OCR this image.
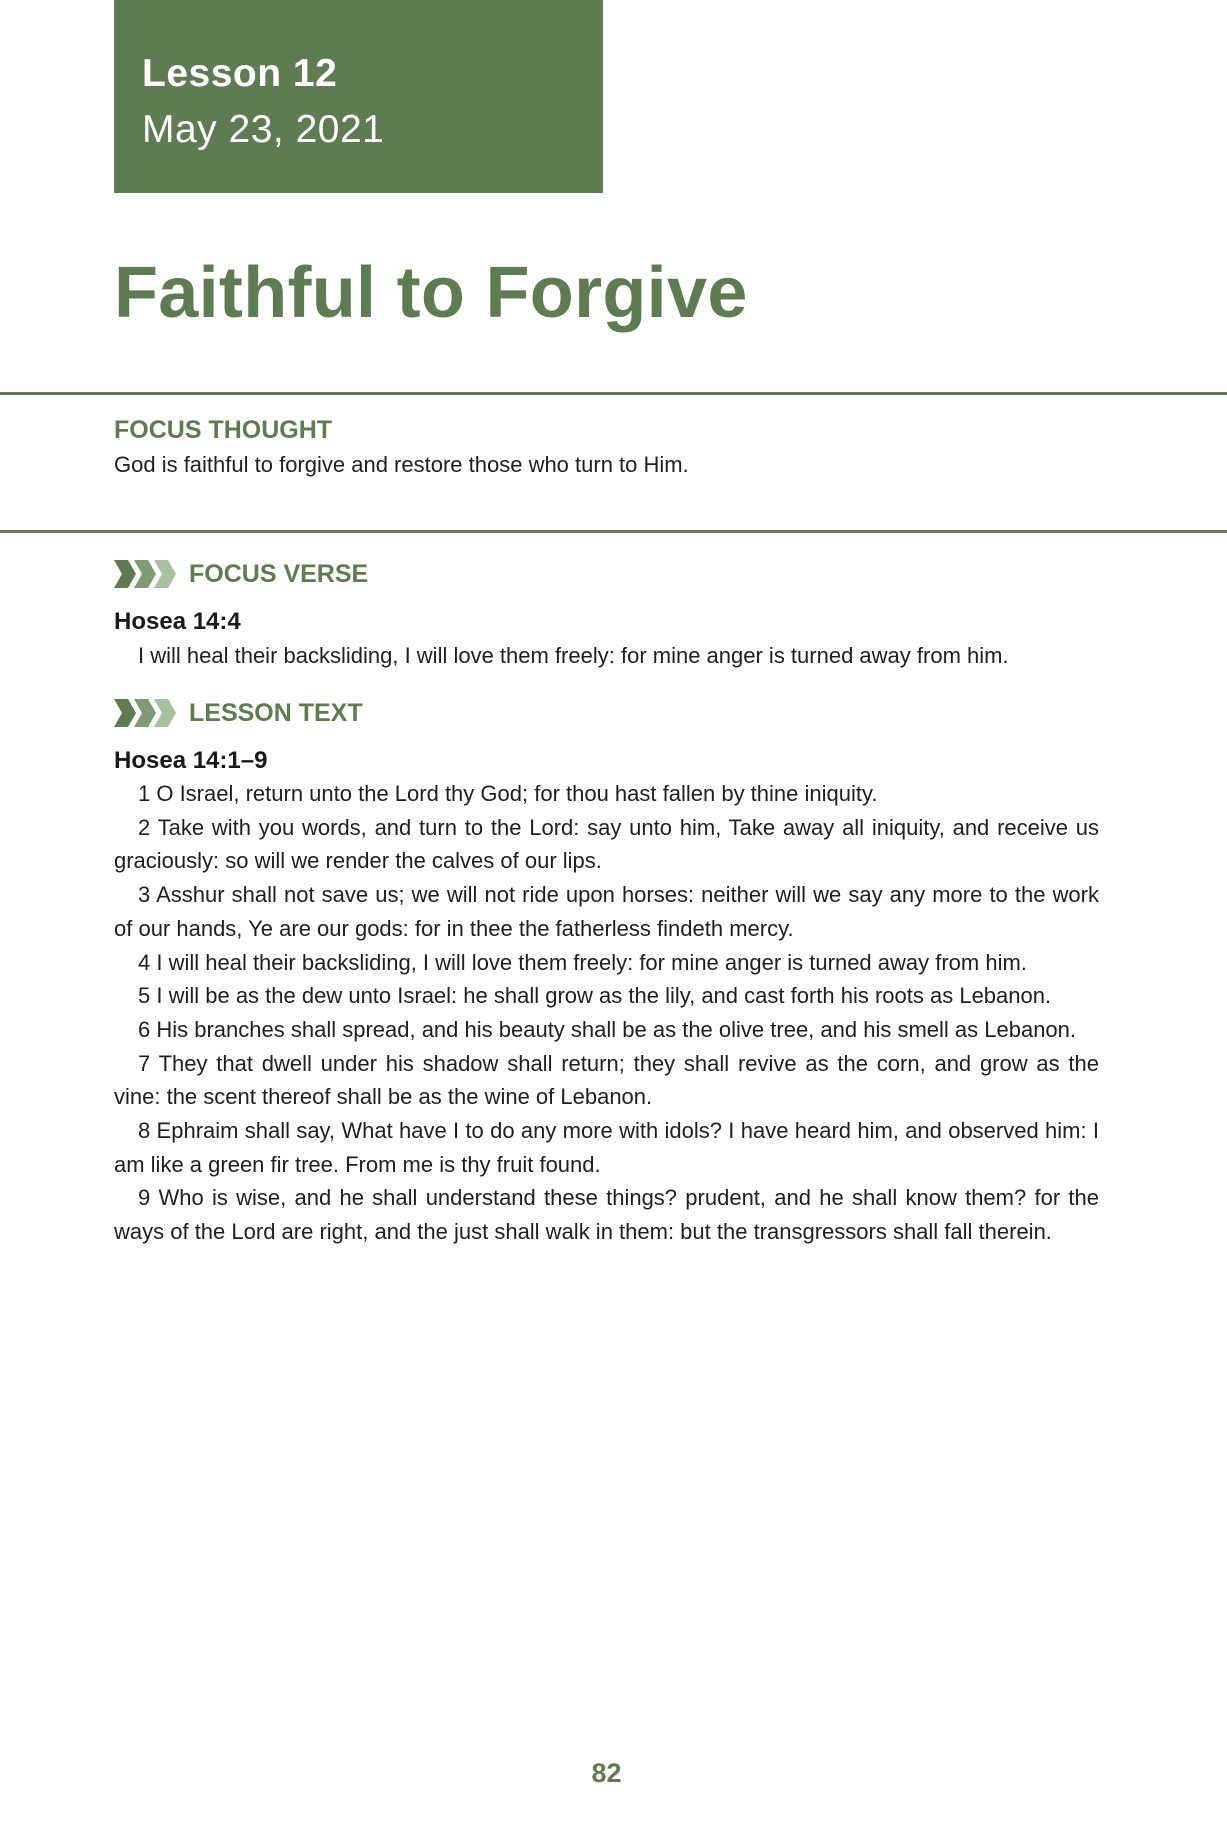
Lesson 12
May 23, 2021
Faithful to Forgive
FOCUS THOUGHT
God is faithful to forgive and restore those who turn to Him.
FOCUS VERSE
Hosea 14:4
I will heal their backsliding, I will love them freely: for mine anger is turned away from him.
LESSON TEXT
Hosea 14:1–9

1 O Israel, return unto the Lord thy God; for thou hast fallen by thine iniquity.

2 Take with you words, and turn to the Lord: say unto him, Take away all iniquity, and receive us graciously: so will we render the calves of our lips.

3 Asshur shall not save us; we will not ride upon horses: neither will we say any more to the work of our hands, Ye are our gods: for in thee the fatherless findeth mercy.

4 I will heal their backsliding, I will love them freely: for mine anger is turned away from him.

5 I will be as the dew unto Israel: he shall grow as the lily, and cast forth his roots as Lebanon.

6 His branches shall spread, and his beauty shall be as the olive tree, and his smell as Lebanon.

7 They that dwell under his shadow shall return; they shall revive as the corn, and grow as the vine: the scent thereof shall be as the wine of Lebanon.

8 Ephraim shall say, What have I to do any more with idols? I have heard him, and observed him: I am like a green fir tree. From me is thy fruit found.

9 Who is wise, and he shall understand these things? prudent, and he shall know them? for the ways of the Lord are right, and the just shall walk in them: but the transgressors shall fall therein.

82
